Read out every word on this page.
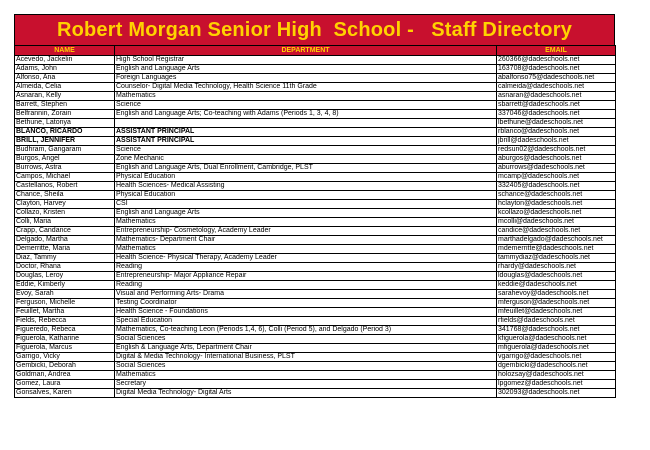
Robert Morgan Senior High  School -   Staff Directory
NAME	DEPARTMENT	EMAIL
Acevedo, Jackelin	High School Registrar	260366@dadeschools.net
Adams, John	English and Language Arts	163708@dadeschools.net
Alfonso, Ana	Foreign Languages	abalfonso75@dadeschools.net
Almeida, Celia	Counselor- Digital Media Technology, Health Science 11th Grade	calmeida@dadeschools.net
Asnaran, Kelly	Mathematics	asnaran@dadeschools.net
Barrett, Stephen	Science	sbarrett@dadeschools.net
Belfrannin, Zorain	English and Language Arts; Co-teaching with Adams (Periods 1, 3, 4, 8)	337046@dadeschools.net
Bethune, Latonya		lbethune@dadeschools.net
BLANCO, RICARDO	ASSISTANT PRINCIPAL	rblanco@dadeschools.net
BRILL, JENNIFER	ASSISTANT PRINCIPAL	jbrill@dadeschools.net
Budhram, Gangaram	Science	redsun02@dadeschools.net
Burgos, Angel	Zone Mechanic	aburgos@dadeschools.net
Burrows, Astra	English and Language Arts, Dual Enrollment, Cambridge, PLST	aburrows@dadeschools.net
Campos, Michael	Physical Education	mcamp@dadeschools.net
Castellanos, Robert	Health Sciences- Medical Assisting	332405@dadeschools.net
Chance, Sheila	Physical Education	schance@dadeschools.net
Clayton, Harvey	CSI	hclayton@dadeschools.net
Collazo, Kristen	English and Language Arts	kcollazo@dadeschools.net
Colli, Maria	Mathematics	mcolli@dadeschools.net
Crapp, Candance	Entrepreneurship- Cosmetology, Academy Leader	candice@dadeschools.net
Delgado, Martha	Mathematics- Department Chair	marthadelgado@dadeschools.net
Demerritte, Maria	Mathematics	mdemerritte@dadeschools.net
Diaz, Tammy	Health Science- Physical Therapy, Academy Leader	tammydiaz@dadeschools.net
Doctor, Rhana	Reading	rhardy@dadeschools.net
Douglas, Leroy	Entrepreneurship- Major Appliance Repair	ldouglas@dadeschools.net
Eddie, Kimberly	Reading	keddie@dadeschools.net
Evoy, Sarah	Visual and Performing Arts- Drama	sarahevoy@dadeschools.net
Ferguson, Michelle	Testing Coordinator	mferguson@dadeschools.net
Feuillet, Martha	Health Science - Foundations	mfeuillet@dadeschools.net
Fields, Rebecca	Special Education	rfields@dadeschools.net
Figueredo, Rebeca	Mathematics, Co-teaching Leon (Periods 1,4, 6), Colli (Period 5), and Delgado (Period 3)	341768@dadeschools.net
Figuerola, Katharine	Social Sciences	kfiguerola@dadeschools.net
Figuerola, Marcus	English & Language Arts, Department Chair	mfiguerola@dadeschools.net
Garrigo, Vicky	Digital & Media Technology- International Business, PLST	vgarrigo@dadeschools.net
Gembicki, Deborah	Social Sciences	dgembicki@dadeschools.net
Goldman, Andrea	Mathematics	holozsay@dadeschools.net
Gomez, Laura	Secretary	lpgomez@dadeschools.net
Gonsalves, Karen	Digital Media Technology- Digital Arts	302093@dadeschools.net
